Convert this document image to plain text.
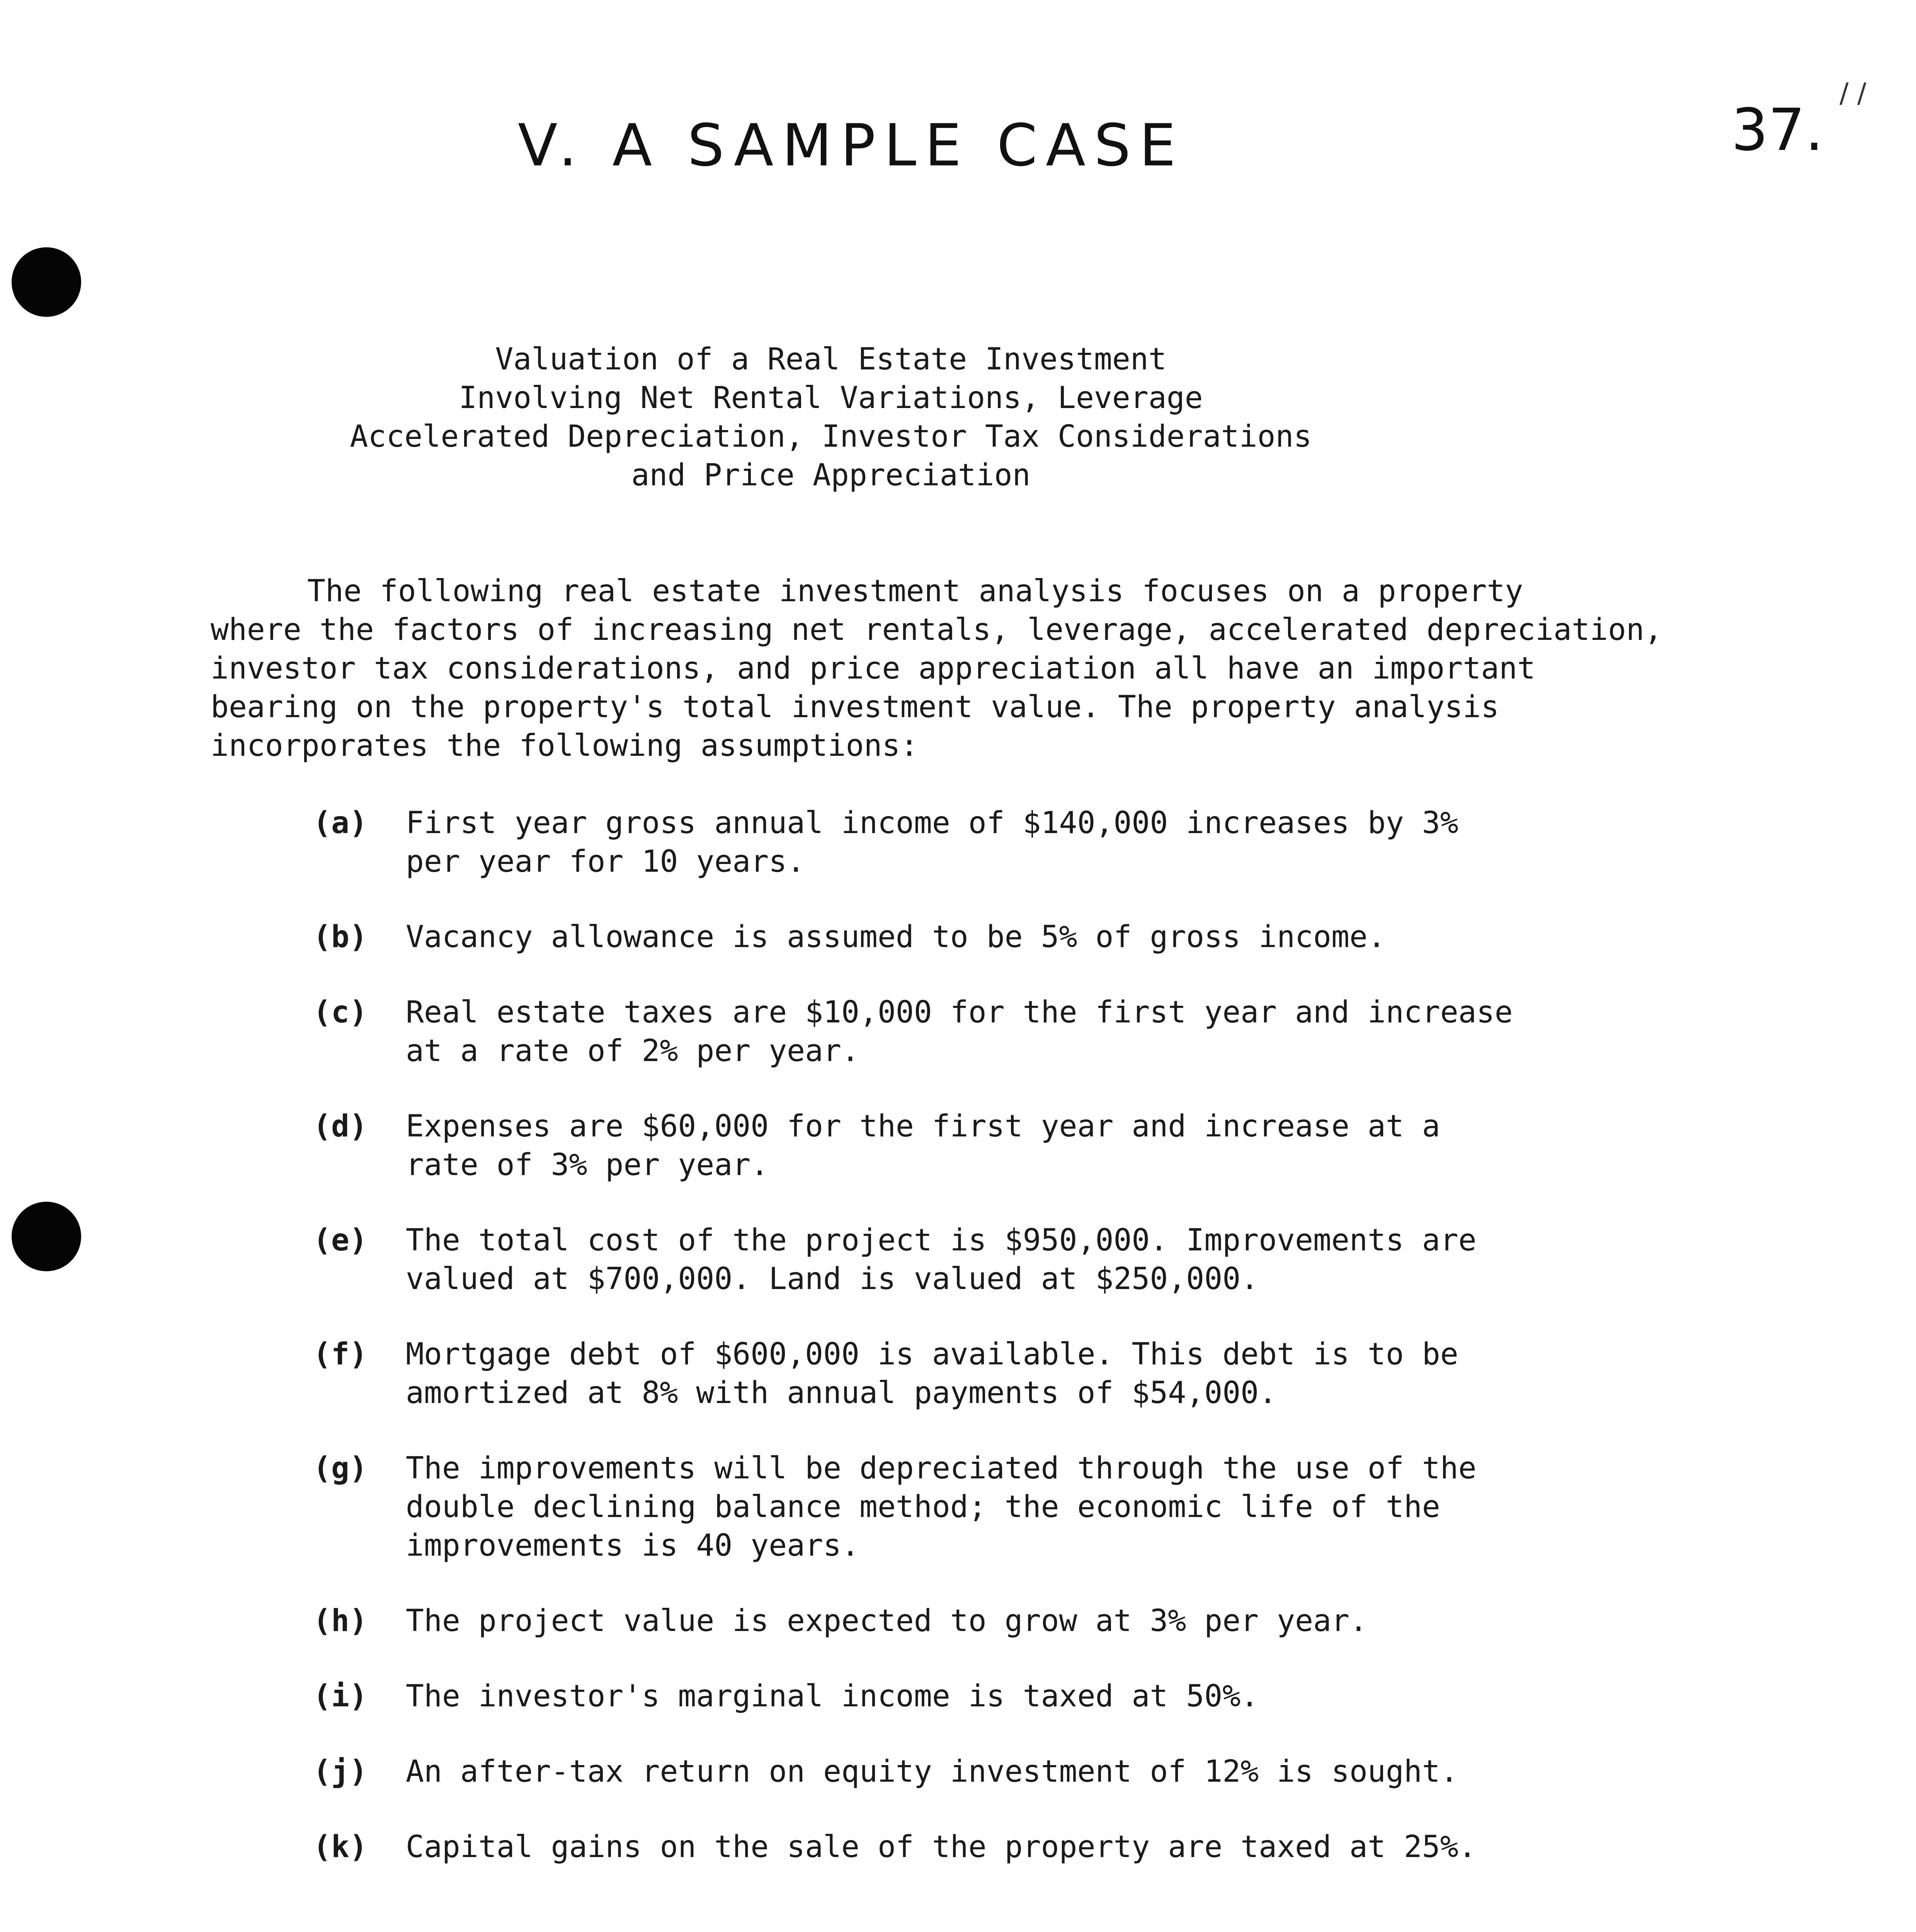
V. A SAMPLE CASE	37.
/ /
Valuation of a Real Estate Investment
Involving Net Rental Variations, Leverage
Accelerated Depreciation, Investor Tax Considerations
and Price Appreciation
The following real estate investment analysis focuses on a property
where the factors of increasing net rentals, leverage, accelerated depreciation,
investor tax considerations, and price appreciation all have an important
bearing on the property's total investment value. The property analysis
incorporates the following assumptions:
(a) First year gross annual income of $140,000 increases by 3%
per year for 10 years.
(b) Vacancy allowance is assumed to be 5% of gross income.
(c) Real estate taxes are $10,000 for the first year and increase
at a rate of 2% per year.
(d) Expenses are $60,000 for the first year and increase at a
rate of 3% per year.
(e) The total cost of the project is $950,000. Improvements are
valued at $700,000. Land is valued at $250,000.
(f) Mortgage debt of $600,000 is available. This debt is to be
amortized at 8% with annual payments of $54,000.
(g) The improvements will be depreciated through the use of the
double declining balance method; the economic life of the
improvements is 40 years.
(h) The project value is expected to grow at 3% per year.
(i) The investor's marginal income is taxed at 50%.
(j) An after-tax return on equity investment of 12% is sought.
(k) Capital gains on the sale of the property are taxed at 25%.
